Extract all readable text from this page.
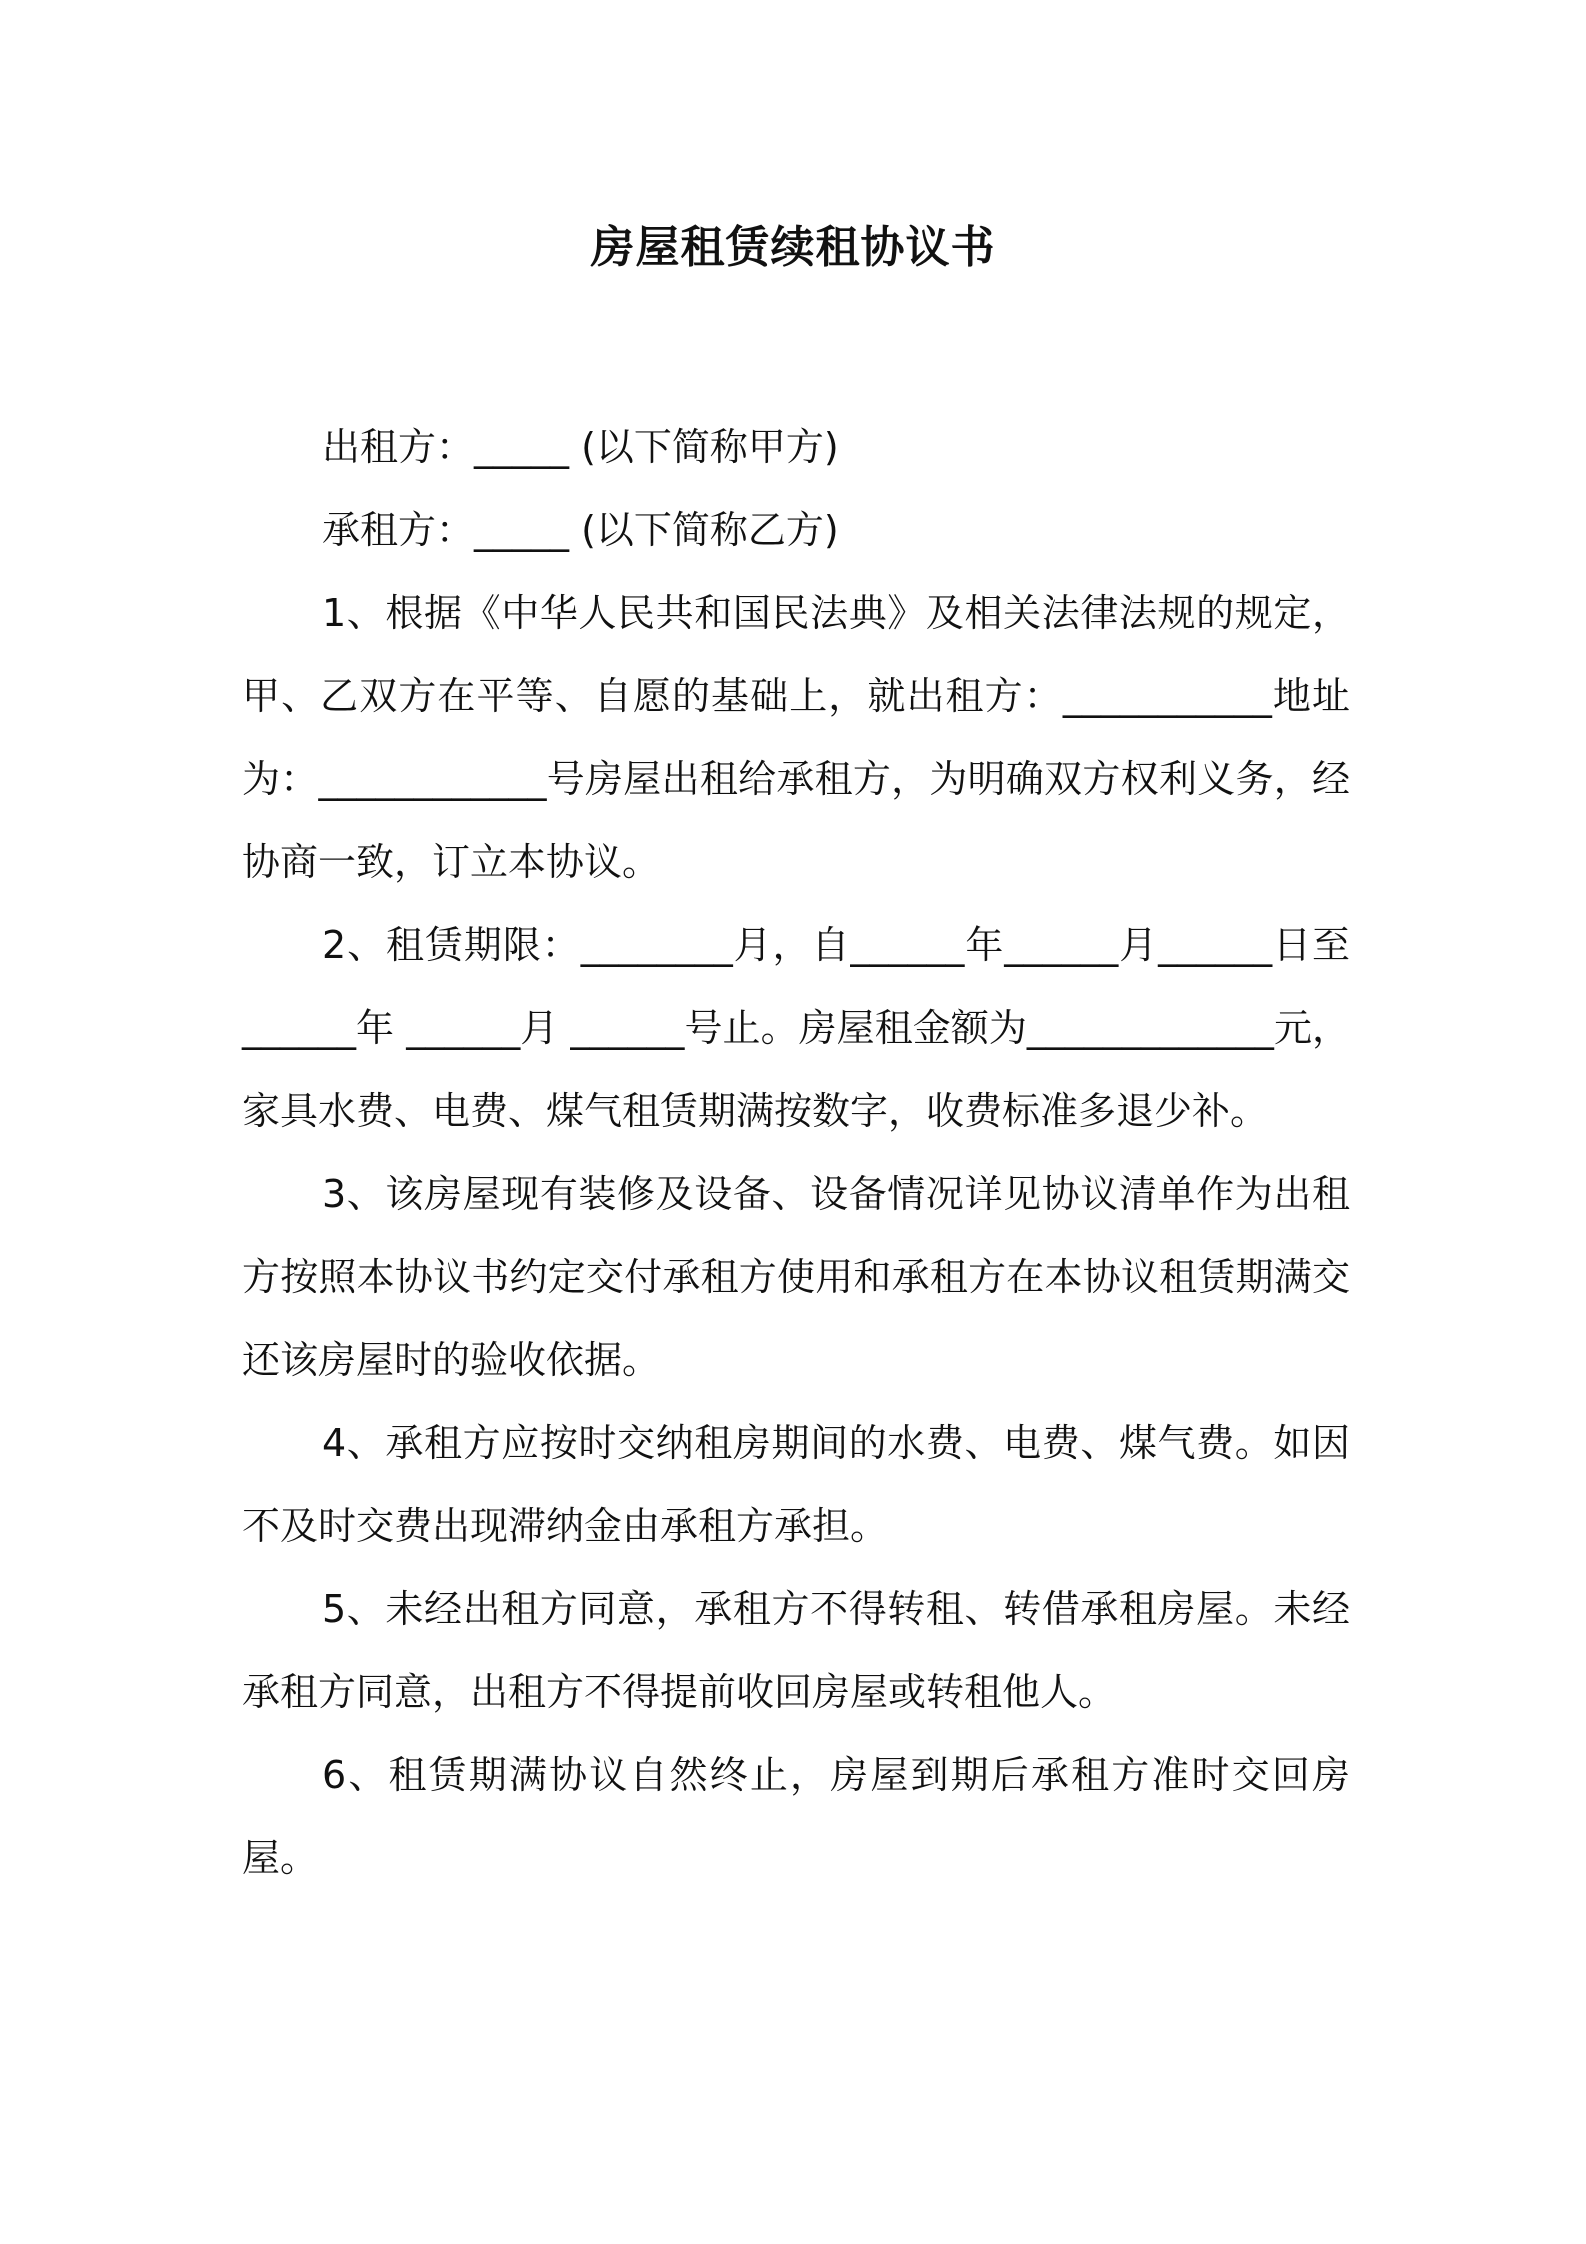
房屋租赁续租协议书

出租方：_____ (以下简称甲方)

承租方：_____ (以下简称乙方)

1、根据《中华人民共和国民法典》及相关法律法规的规定，甲、乙双方在平等、自愿的基础上，就出租方：___________地址为：____________号房屋出租给承租方，为明确双方权利义务，经协商一致，订立本协议。

2、租赁期限：________月，自______年______月______日至 ______年 ______月 ______号止。房屋租金额为_____________元，家具水费、电费、煤气租赁期满按数字，收费标准多退少补。

3、该房屋现有装修及设备、设备情况详见协议清单作为出租方按照本协议书约定交付承租方使用和承租方在本协议租赁期满交还该房屋时的验收依据。

4、承租方应按时交纳租房期间的水费、电费、煤气费。如因不及时交费出现滞纳金由承租方承担。

5、未经出租方同意，承租方不得转租、转借承租房屋。未经承租方同意，出租方不得提前收回房屋或转租他人。

6、租赁期满协议自然终止，房屋到期后承租方准时交回房屋。
